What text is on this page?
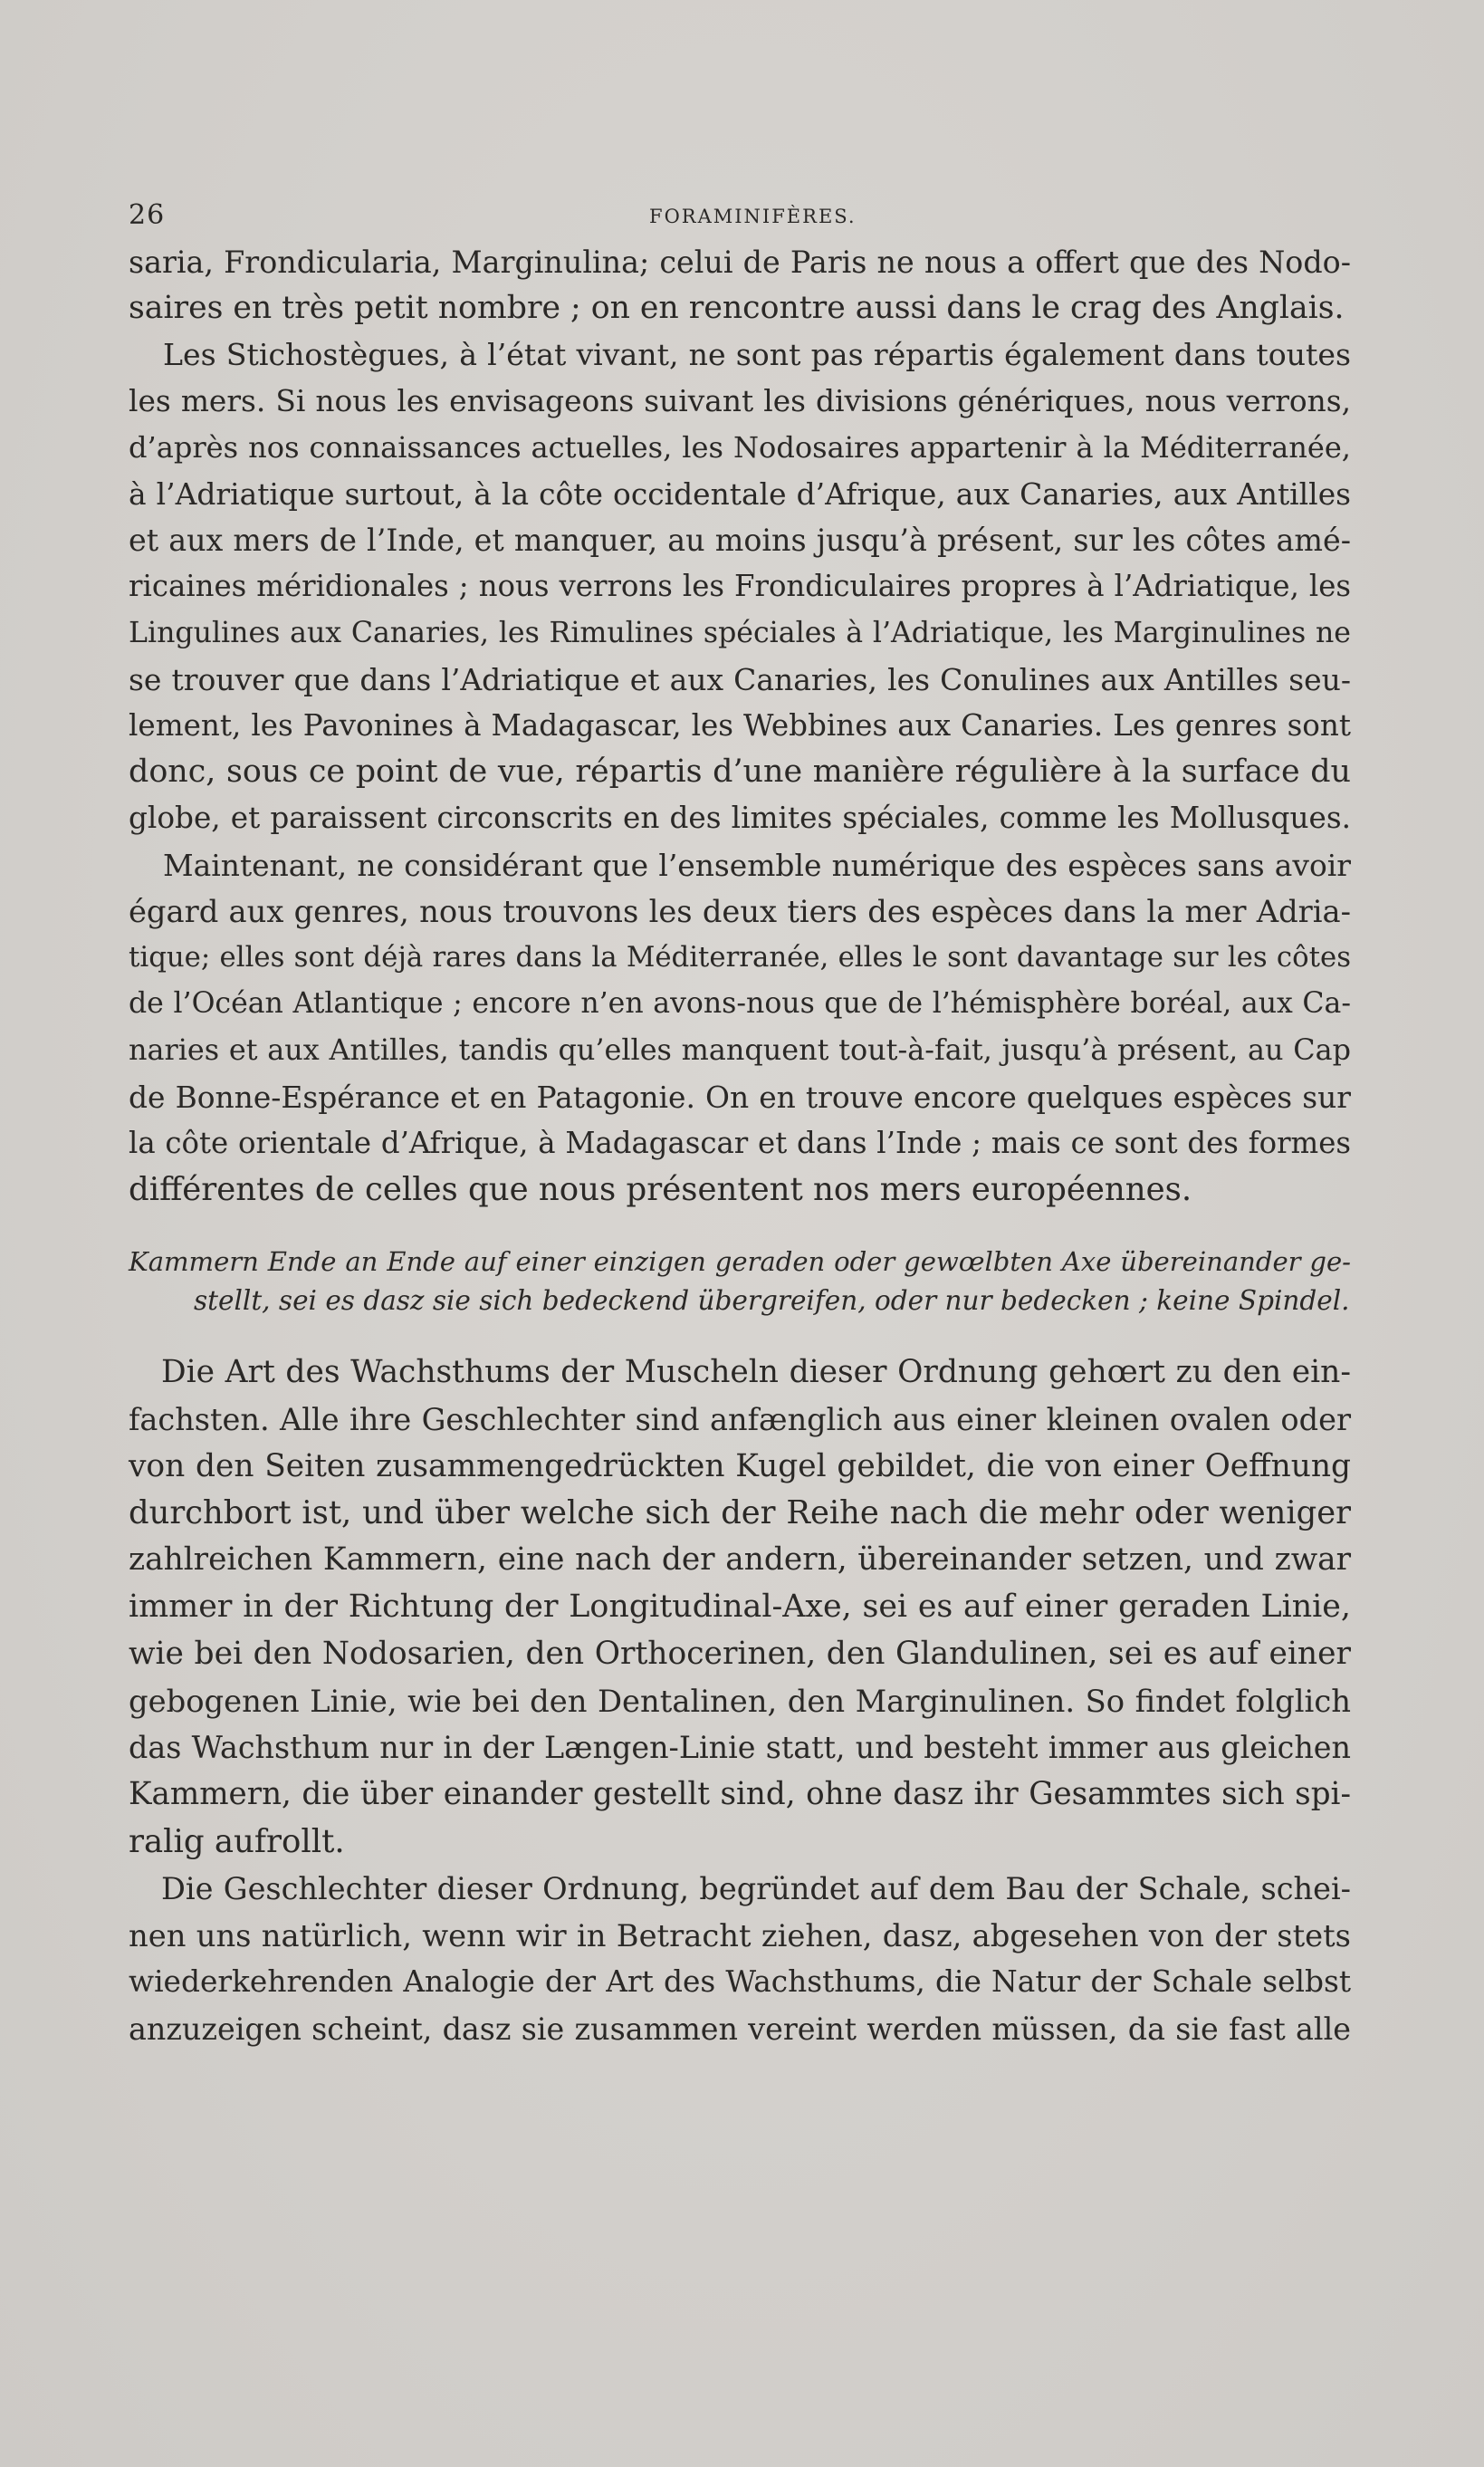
26	FORAMINIFÈRES.

saria, Frondicularia, Marginulina; celui de Paris ne nous a offert que des Nodo-
saires en très petit nombre ; on en rencontre aussi dans le crag des Anglais.

Les Stichostègues, à l’état vivant, ne sont pas répartis également dans toutes
les mers. Si nous les envisageons suivant les divisions génériques, nous verrons,
d’après nos connaissances actuelles, les Nodosaires appartenir à la Méditerranée,
à l’Adriatique surtout, à la côte occidentale d’Afrique, aux Canaries, aux Antilles
et aux mers de l’Inde, et manquer, au moins jusqu’à présent, sur les côtes amé-
ricaines méridionales ; nous verrons les Frondiculaires propres à l’Adriatique, les
Lingulines aux Canaries, les Rimulines spéciales à l’Adriatique, les Marginulines ne
se trouver que dans l’Adriatique et aux Canaries, les Conulines aux Antilles seu-
lement, les Pavonines à Madagascar, les Webbines aux Canaries. Les genres sont
donc, sous ce point de vue, répartis d’une manière régulière à la surface du
globe, et paraissent circonscrits en des limites spéciales, comme les Mollusques.

Maintenant, ne considérant que l’ensemble numérique des espèces sans avoir
égard aux genres, nous trouvons les deux tiers des espèces dans la mer Adria-
tique; elles sont déjà rares dans la Méditerranée, elles le sont davantage sur les côtes
de l’Océan Atlantique ; encore n’en avons-nous que de l’hémisphère boréal, aux Ca-
naries et aux Antilles, tandis qu’elles manquent tout-à-fait, jusqu’à présent, au Cap
de Bonne-Espérance et en Patagonie. On en trouve encore quelques espèces sur
la côte orientale d’Afrique, à Madagascar et dans l’Inde ; mais ce sont des formes
différentes de celles que nous présentent nos mers européennes.

Kammern Ende an Ende auf einer einzigen geraden oder gewœlbten Axe übereinander ge-
stellt, sei es dasz sie sich bedeckend übergreifen, oder nur bedecken ; keine Spindel.

Die Art des Wachsthums der Muscheln dieser Ordnung gehœrt zu den ein-
fachsten. Alle ihre Geschlechter sind anfænglich aus einer kleinen ovalen oder
von den Seiten zusammengedrückten Kugel gebildet, die von einer Oeffnung
durchbort ist, und über welche sich der Reihe nach die mehr oder weniger
zahlreichen Kammern, eine nach der andern, übereinander setzen, und zwar
immer in der Richtung der Longitudinal-Axe, sei es auf einer geraden Linie,
wie bei den Nodosarien, den Orthocerinen, den Glandulinen, sei es auf einer
gebogenen Linie, wie bei den Dentalinen, den Marginulinen. So findet folglich
das Wachsthum nur in der Længen-Linie statt, und besteht immer aus gleichen
Kammern, die über einander gestellt sind, ohne dasz ihr Gesammtes sich spi-
ralig aufrollt.

Die Geschlechter dieser Ordnung, begründet auf dem Bau der Schale, schei-
nen uns natürlich, wenn wir in Betracht ziehen, dasz, abgesehen von der stets
wiederkehrenden Analogie der Art des Wachsthums, die Natur der Schale selbst
anzuzeigen scheint, dasz sie zusammen vereint werden müssen, da sie fast alle
